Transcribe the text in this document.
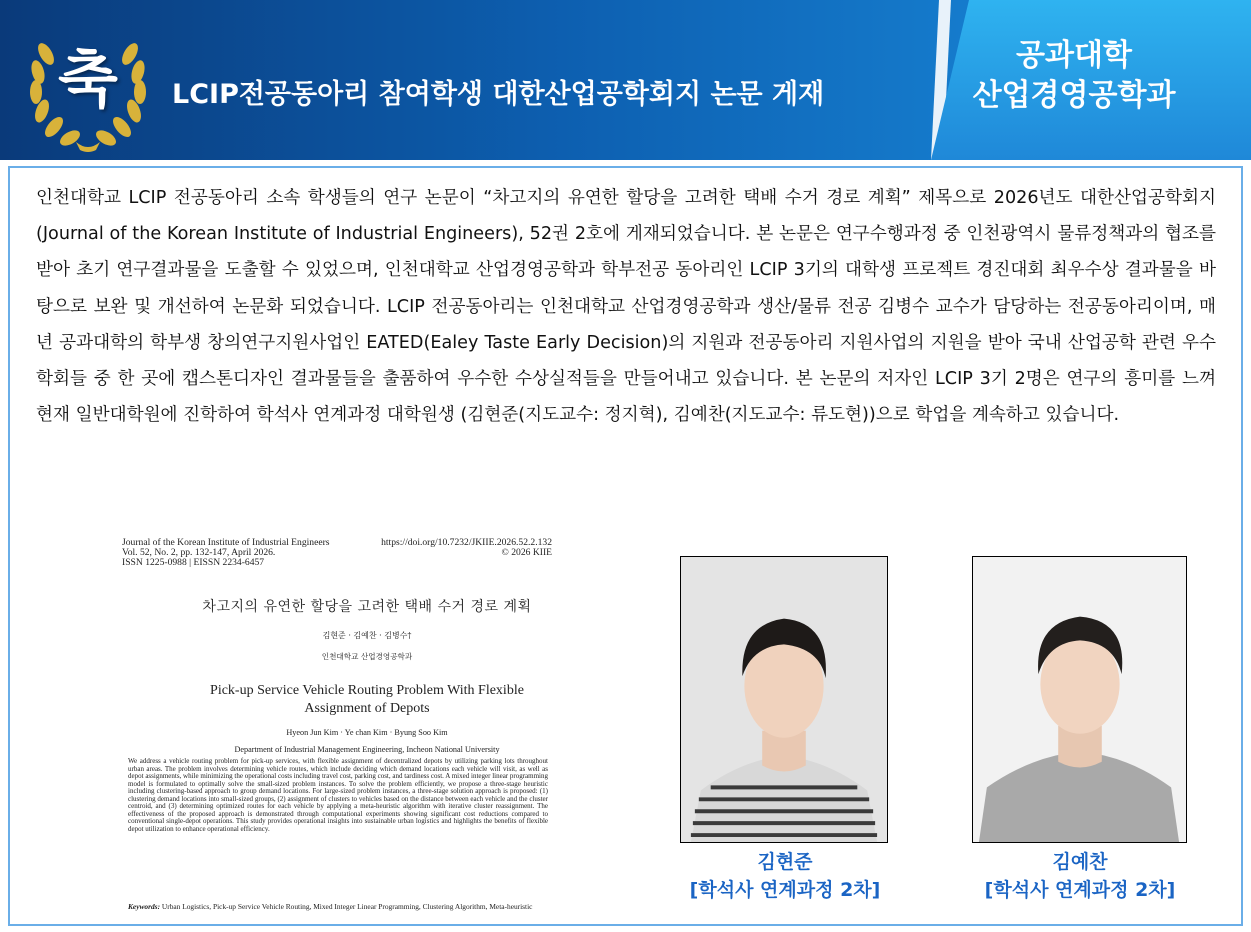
축	LCIP전공동아리 참여학생 대한산업공학회지 논문 게재
공과대학
산업경영공학과

인천대학교 LCIP 전공동아리 소속 학생들의 연구 논문이 “차고지의 유연한 할당을 고려한 택배 수거 경로 계획” 제목으로 2026년도 대한산업공학회지(Journal of the Korean Institute of Industrial Engineers), 52권 2호에 게재되었습니다. 본 논문은 연구수행과정 중 인천광역시 물류정책과의 협조를 받아 초기 연구결과물을 도출할 수 있었으며, 인천대학교 산업경영공학과 학부전공 동아리인 LCIP 3기의 대학생 프로젝트 경진대회 최우수상 결과물을 바탕으로 보완 및 개선하여 논문화 되었습니다. LCIP 전공동아리는 인천대학교 산업경영공학과 생산/물류 전공 김병수 교수가 담당하는 전공동아리이며, 매년 공과대학의 학부생 창의연구지원사업인 EATED(Ealey Taste Early Decision)의 지원과 전공동아리 지원사업의 지원을 받아 국내 산업공학 관련 우수학회들 중 한 곳에 캡스톤디자인 결과물들을 출품하여 우수한 수상실적들을 만들어내고 있습니다. 본 논문의 저자인 LCIP 3기 2명은 연구의 흥미를 느껴 현재 일반대학원에 진학하여 학석사 연계과정 대학원생 (김현준(지도교수: 정지혁), 김예찬(지도교수: 류도현))으로 학업을 계속하고 있습니다.

Journal of the Korean Institute of Industrial Engineers
Vol. 52, No. 2, pp. 132-147, April 2026.
ISSN 1225-0988 | EISSN 2234-6457
https://doi.org/10.7232/JKIIE.2026.52.2.132
© 2026 KIIE
차고지의 유연한 할당을 고려한 택배 수거 경로 계획
김현준 · 김예찬 · 김병수†
인천대학교 산업경영공학과
Pick-up Service Vehicle Routing Problem With Flexible
Assignment of Depots
Hyeon Jun Kim · Ye chan Kim · Byung Soo Kim
Department of Industrial Management Engineering, Incheon National University
We address a vehicle routing problem for pick-up services, with flexible assignment of decentralized depots by utilizing parking lots throughout urban areas. The problem involves determining vehicle routes, which include deciding which demand locations each vehicle will visit, as well as depot assignments, while minimizing the operational costs including travel cost, parking cost, and tardiness cost. A mixed integer linear programming model is formulated to optimally solve the small-sized problem instances. To solve the problem efficiently, we propose a three-stage heuristic including clustering-based approach to group demand locations. For large-sized problem instances, a three-stage solution approach is proposed: (1) clustering demand locations into small-sized groups, (2) assignment of clusters to vehicles based on the distance between each vehicle and the cluster centroid, and (3) determining optimized routes for each vehicle by applying a meta-heuristic algorithm with iterative cluster reassignment. The effectiveness of the proposed approach is demonstrated through computational experiments showing significant cost reductions compared to conventional single-depot operations. This study provides operational insights into sustainable urban logistics and highlights the benefits of flexible depot utilization to enhance operational efficiency.
Keywords: Urban Logistics, Pick-up Service Vehicle Routing, Mixed Integer Linear Programming, Clustering Algorithm, Meta-heuristic
김현준
[학석사 연계과정 2차]
김예찬
[학석사 연계과정 2차]
